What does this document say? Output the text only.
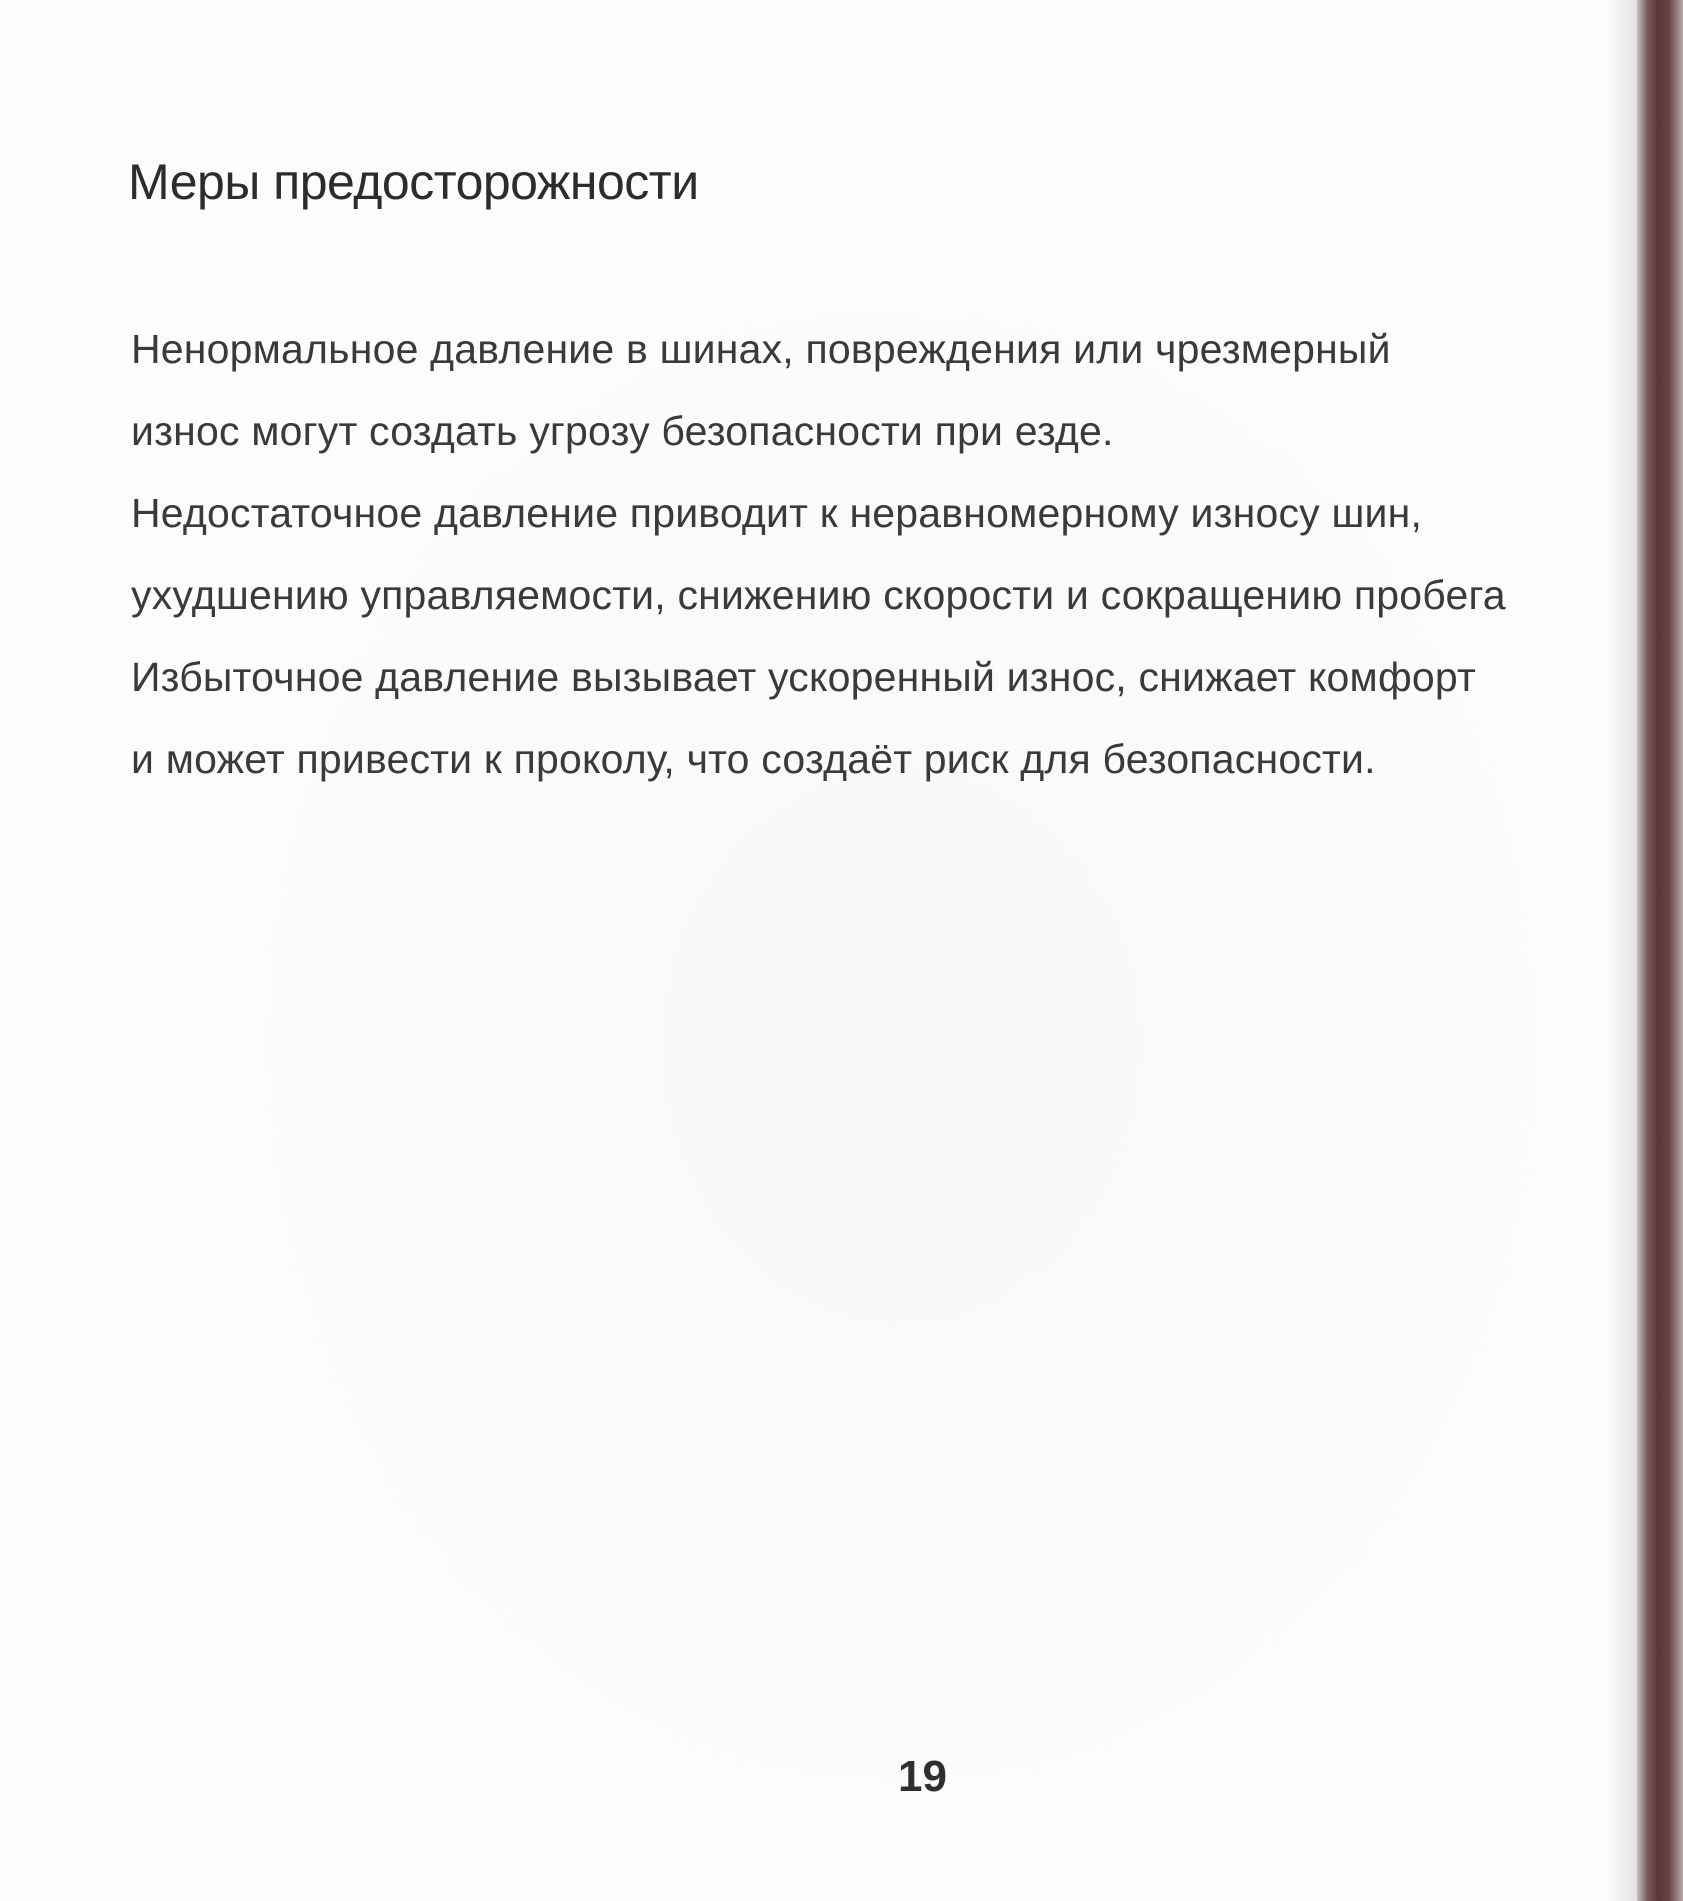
Меры предосторожности

Ненормальное давление в шинах, повреждения или чрезмерный
износ могут создать угрозу безопасности при езде.
Недостаточное давление приводит к неравномерному износу шин,
ухудшению управляемости, снижению скорости и сокращению пробега
Избыточное давление вызывает ускоренный износ, снижает комфорт
и может привести к проколу, что создаёт риск для безопасности.

19
